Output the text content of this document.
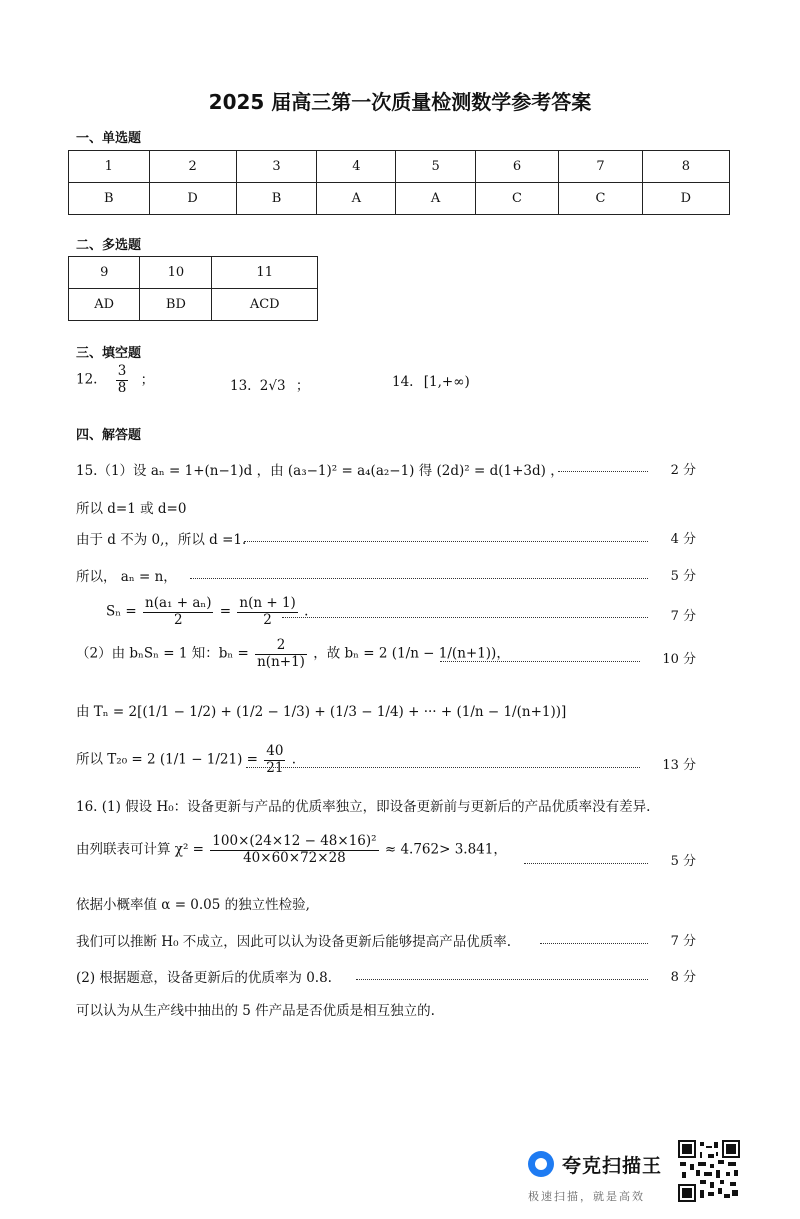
2025 届高三第一次质量检测数学参考答案
一、单选题
1	2	3	4	5	6	7	8
B	D	B	A	A	C	C	D
二、多选题
9	10	11
AD	BD	ACD
三、填空题
12. $\frac{3}{8}$ ；	13. 2√3 ；	14. [1,+∞)
四、解答题
15.（1）设 aₙ = 1+(n−1)d ，由 (a₃−1)² = a₄(a₂−1) 得 (2d)² = d(1+3d) ，	2 分
所以 d=1 或 d=0
由于 d 不为 0,，所以 d =1.	4 分
所以， aₙ = n，	5 分
$S_n = \frac{\text{n(a₁ + aₙ)}}{2} = \frac{n(n + 1)}{2}$ .	7 分
（2）由 bₙSₙ = 1 知：$b_n = \frac{2}{n(n+1)}$ ，故 bₙ = 2 (1/n − 1/(n+1))，	10 分
由 Tₙ = 2[(1/1 − 1/2) + (1/2 − 1/3) + (1/3 − 1/4) + ··· + (1/n − 1/(n+1))]
所以 T₂₀ = 2 $(1/1 - 1/21) = \frac{40}{21}$ .	13 分
16. (1) 假设 H₀：设备更新与产品的优质率独立，即设备更新前与更新后的产品优质率没有差异.
由列联表可计算 $\chi^2 = \frac{\text{100×(24×12 − 48×16)²}}{40\times 60\times 72\times 28} \approx 4.762> 3.841$，
5 分
依据小概率值 α = 0.05 的独立性检验,
我们可以推断 H₀ 不成立，因此可以认为设备更新后能够提高产品优质率.	7 分
(2) 根据题意，设备更新后的优质率为 0.8.	8 分
可以认为从生产线中抽出的 5 件产品是否优质是相互独立的.
夸克扫描王
极速扫描，就是高效
